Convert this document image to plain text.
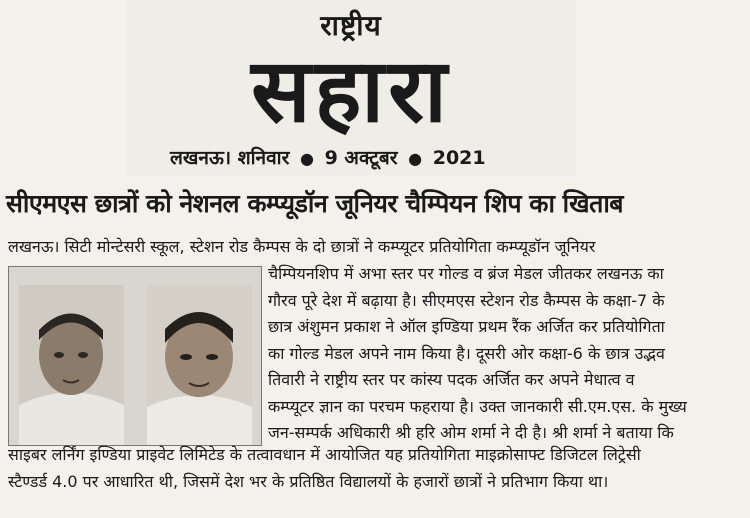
राष्ट्रीय
सहारा
लखनऊ। शनिवार ● 9 अक्टूबर ● 2021
सीएमएस छात्रों को नेशनल कम्प्यूडॉन जूनियर चैम्पियन शिप का खिताब
लखनऊ। सिटी मोन्टेसरी स्कूल, स्टेशन रोड कैम्पस के दो छात्रों ने कम्प्यूटर प्रतियोगिता कम्प्यूडॉन जूनियर
चैम्पियनशिप में अभा स्तर पर गोल्ड व ब्रंज मेडल जीतकर लखनऊ का
गौरव पूरे देश में बढ़ाया है। सीएमएस स्टेशन रोड कैम्पस के कक्षा-7 के
छात्र अंशुमन प्रकाश ने ऑल इण्डिया प्रथम रैंक अर्जित कर प्रतियोगिता
का गोल्ड मेडल अपने नाम किया है। दूसरी ओर कक्षा-6 के छात्र उद्भव
तिवारी ने राष्ट्रीय स्तर पर कांस्य पदक अर्जित कर अपने मेधात्व व
कम्प्यूटर ज्ञान का परचम फहराया है। उक्त जानकारी सी.एम.एस. के मुख्य
जन-सम्पर्क अधिकारी श्री हरि ओम शर्मा ने दी है। श्री शर्मा ने बताया कि
साइबर लर्निंग इण्डिया प्राइवेट लिमिटेड के तत्वावधान में आयोजित यह प्रतियोगिता माइक्रोसाफ्ट डिजिटल लिट्रेसी
स्टैण्डर्ड 4.0 पर आधारित थी, जिसमें देश भर के प्रतिष्ठित विद्यालयों के हजारों छात्रों ने प्रतिभाग किया था।
